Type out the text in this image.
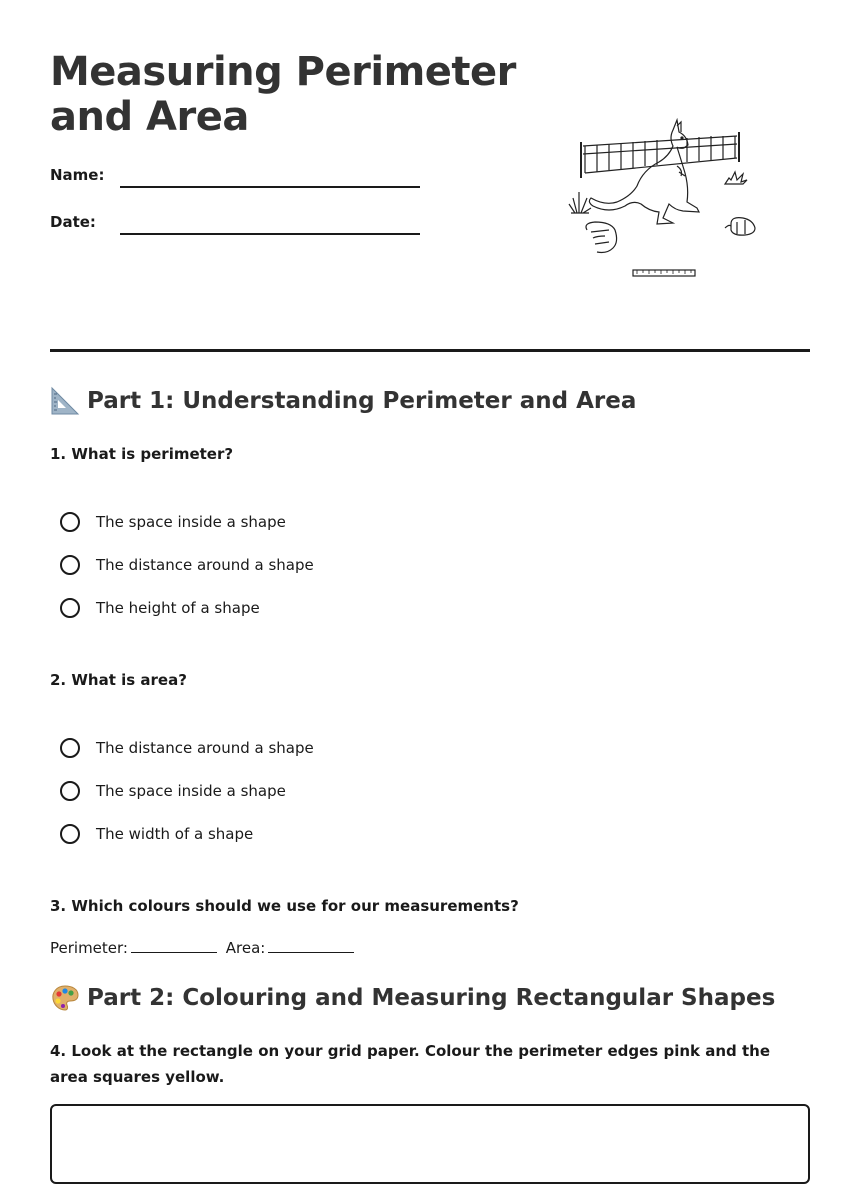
Measuring Perimeter and Area
Name:
Date:
Part 1: Understanding Perimeter and Area

1. What is perimeter?

The space inside a shape
The distance around a shape
The height of a shape

2. What is area?

The distance around a shape
The space inside a shape
The width of a shape

3. Which colours should we use for our measurements?

Perimeter:	Area:
Part 2: Colouring and Measuring Rectangular Shapes

4. Look at the rectangle on your grid paper. Colour the perimeter edges pink and the area squares yellow.
